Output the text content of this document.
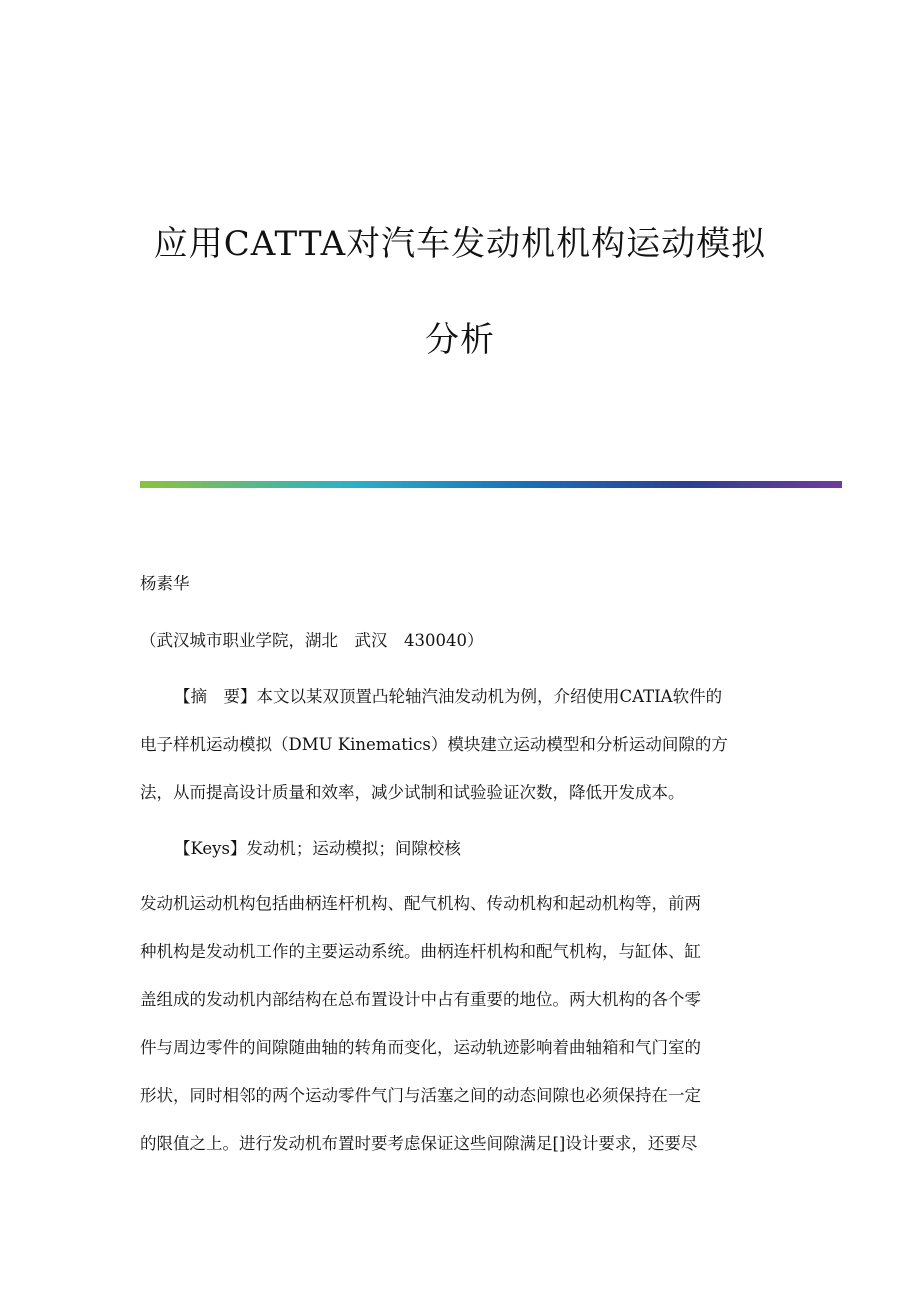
应用CATTA对汽车发动机机构运动模拟
分析
杨素华
（武汉城市职业学院，湖北　武汉　430040）
【摘　要】本文以某双顶置凸轮轴汽油发动机为例，介绍使用CATIA软件的
电子样机运动模拟（DMU Kinematics）模块建立运动模型和分析运动间隙的方
法，从而提高设计质量和效率，减少试制和试验验证次数，降低开发成本。
【Keys】发动机；运动模拟；间隙校核
发动机运动机构包括曲柄连杆机构、配气机构、传动机构和起动机构等，前两
种机构是发动机工作的主要运动系统。曲柄连杆机构和配气机构，与缸体、缸
盖组成的发动机内部结构在总布置设计中占有重要的地位。两大机构的各个零
件与周边零件的间隙随曲轴的转角而变化，运动轨迹影响着曲轴箱和气门室的
形状，同时相邻的两个运动零件气门与活塞之间的动态间隙也必须保持在一定
的限值之上。进行发动机布置时要考虑保证这些间隙满足[]设计要求，还要尽
